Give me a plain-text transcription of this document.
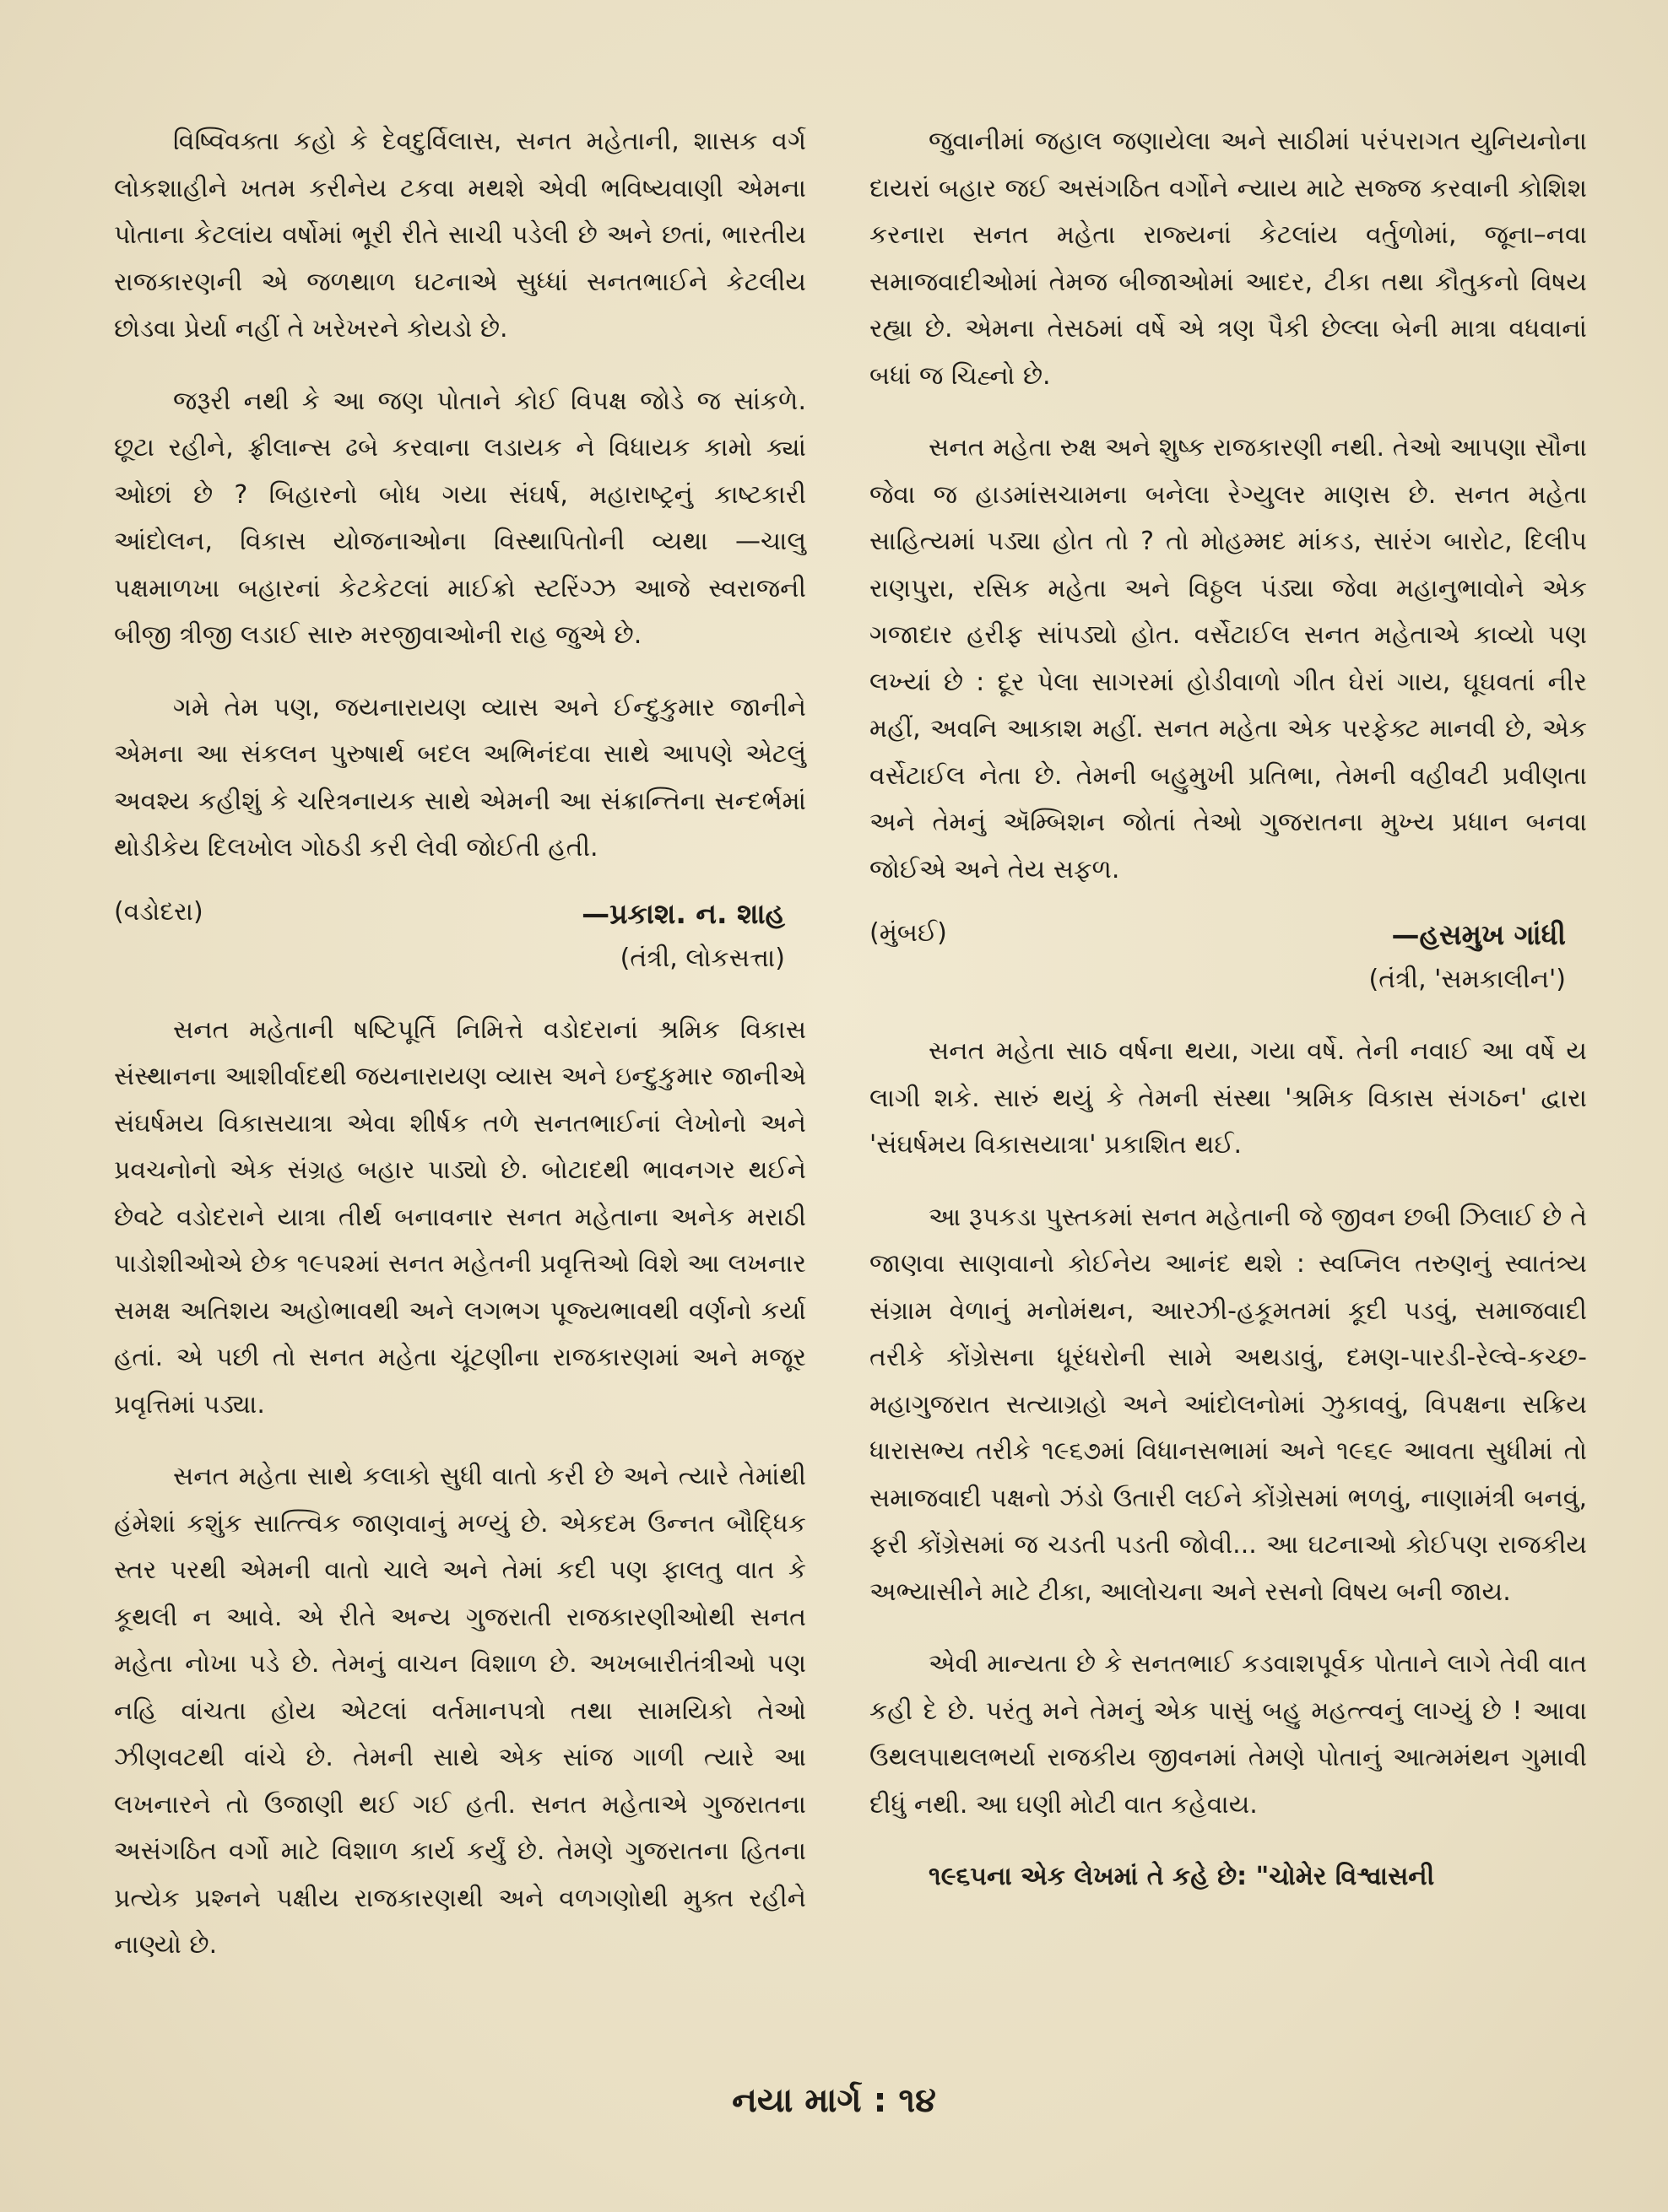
વિષ્વિવક્તા કહો કે દેવદુર્વિલાસ, સનત મહેતાની, શાસક વર્ગ લોકશાહીને ખતમ કરીનેય ટકવા મથશે એવી ભવિષ્યવાણી એમના પોતાના કેટલાંય વર્ષોમાં ભૂરી રીતે સાચી પડેલી છે અને છતાં, ભારતીય રાજકારણની એ જળથાળ ઘટનાએ સુધ્ધાં સનતભાઈને કેટલીય છોડવા પ્રેર્યા નહીં તે ખરેખરને કોયડો છે.

જરૂરી નથી કે આ જણ પોતાને કોઈ વિપક્ષ જોડે જ સાંકળે. છૂટા રહીને, ફ્રીલાન્સ ઢબે કરવાના લડાયક ને વિધાયક કામો ક્યાં ઓછાં છે ? બિહારનો બોધ ગયા સંઘર્ષ, મહારાષ્ટ્રનું કાષ્ટકારી આંદોલન, વિકાસ યોજનાઓના વિસ્થાપિતોની વ્યથા —ચાલુ પક્ષમાળખા બહારનાં કેટકેટલાં માઈક્રો સ્ટરિંગ્ઝ આજે સ્વરાજની બીજી ત્રીજી લડાઈ સારુ મરજીવાઓની રાહ જુએ છે.

ગમે તેમ પણ, જયનારાયણ વ્યાસ અને ઈન્દુકુમાર જાનીને એમના આ સંકલન પુરુષાર્થ બદલ અભિનંદવા સાથે આપણે એટલું અવશ્ય કહીશું કે ચરિત્રનાયક સાથે એમની આ સંક્રાન્તિના સન્દર્ભમાં થોડીકેય દિલખોલ ગોઠડી કરી લેવી જોઈતી હતી.

(વડોદરા)	—પ્રકાશ. ન. શાહ
(તંત્રી, લોકસત્તા)

સનત મહેતાની ષષ્ટિપૂર્તિ નિમિત્તે વડોદરાનાં શ્રમિક વિકાસ સંસ્થાનના આશીર્વાદથી જયનારાયણ વ્યાસ અને ઇન્દુકુમાર જાનીએ સંઘર્ષમય વિકાસયાત્રા એવા શીર્ષક તળે સનતભાઈનાં લેખોનો અને પ્રવચનોનો એક સંગ્રહ બહાર પાડ્યો છે. બોટાદથી ભાવનગર થઈને છેવટે વડોદરાને યાત્રા તીર્થ બનાવનાર સનત મહેતાના અનેક મરાઠી પાડોશીઓએ છેક ૧૯૫૨માં સનત મહેતની પ્રવૃત્તિઓ વિશે આ લખનાર સમક્ષ અતિશય અહોભાવથી અને લગભગ પૂજ્યભાવથી વર્ણનો કર્યા હતાં. એ પછી તો સનત મહેતા ચૂંટણીના રાજકારણમાં અને મજૂર પ્રવૃત્તિમાં પડ્યા.

સનત મહેતા સાથે કલાકો સુધી વાતો કરી છે અને ત્યારે તેમાંથી હંમેશાં કશુંક સાત્ત્વિક જાણવાનું મળ્યું છે. એકદમ ઉન્નત બૌદ્ધિક સ્તર પરથી એમની વાતો ચાલે અને તેમાં કદી પણ ફાલતુ વાત કે કૂથલી ન આવે. એ રીતે અન્ય ગુજરાતી રાજકારણીઓથી સનત મહેતા નોખા પડે છે. તેમનું વાચન વિશાળ છે. અખબારીતંત્રીઓ પણ નહિ વાંચતા હોય એટલાં વર્તમાનપત્રો તથા સામયિકો તેઓ ઝીણવટથી વાંચે છે. તેમની સાથે એક સાંજ ગાળી ત્યારે આ લખનારને તો ઉજાણી થઈ ગઈ હતી. સનત મહેતાએ ગુજરાતના અસંગઠિત વર્ગો માટે વિશાળ કાર્ય કર્યું છે. તેમણે ગુજરાતના હિતના પ્રત્યેક પ્રશ્નને પક્ષીય રાજકારણથી અને વળગણોથી મુક્ત રહીને નાણ્યો છે.

જુવાનીમાં જહાલ જણાયેલા અને સાઠીમાં પરંપરાગત યુનિયનોના દાયરાં બહાર જઈ અસંગઠિત વર્ગોને ન્યાય માટે સજ્જ કરવાની કોશિશ કરનારા સનત મહેતા રાજ્યનાં કેટલાંય વર્તુળોમાં, જૂના–નવા સમાજવાદીઓમાં તેમજ બીજાઓમાં આદર, ટીકા તથા કૌતુકનો વિષય રહ્યા છે. એમના તેસઠમાં વર્ષે એ ત્રણ પૈકી છેલ્લા બેની માત્રા વધવાનાં બધાં જ ચિહ્નો છે.

સનત મહેતા રુક્ષ અને શુષ્ક રાજકારણી નથી. તેઓ આપણા સૌના જેવા જ હાડમાંસચામના બનેલા રેગ્યુલર માણસ છે. સનત મહેતા સાહિત્યમાં પડ્યા હોત તો ? તો મોહમ્મદ માંકડ, સારંગ બારોટ, દિલીપ રાણપુરા, રસિક મહેતા અને વિઠ્ઠલ પંડ્યા જેવા મહાનુભાવોને એક ગજાદાર હરીફ સાંપડ્યો હોત. વર્સેટાઈલ સનત મહેતાએ કાવ્યો પણ લખ્યાં છે : દૂર પેલા સાગરમાં હોડીવાળો ગીત ઘેરાં ગાય, ઘૂઘવતાં નીર મહીં, અવનિ આકાશ મહીં. સનત મહેતા એક પરફેક્ટ માનવી છે, એક વર્સેટાઈલ નેતા છે. તેમની બહુમુખી પ્રતિભા, તેમની વહીવટી પ્રવીણતા અને તેમનું ઍમ્બિશન જોતાં તેઓ ગુજરાતના મુખ્ય પ્રધાન બનવા જોઈએ અને તેય સફળ.

(મુંબઈ)	—હસમુખ ગાંધી
(તંત્રી, 'સમકાલીન')

સનત મહેતા સાઠ વર્ષના થયા, ગયા વર્ષે. તેની નવાઈ આ વર્ષે ય લાગી શકે. સારું થયું કે તેમની સંસ્થા 'શ્રમિક વિકાસ સંગઠન' દ્વારા 'સંઘર્ષમય વિકાસયાત્રા' પ્રકાશિત થઈ.

આ રૂપકડા પુસ્તકમાં સનત મહેતાની જે જીવન છબી ઝિલાઈ છે તે જાણવા સાણવાનો કોઈનેય આનંદ થશે : સ્વપ્નિલ તરુણનું સ્વાતંત્ર્ય સંગ્રામ વેળાનું મનોમંથન, આરઝી-હકૂમતમાં કૂદી પડવું, સમાજવાદી તરીકે કોંગ્રેસના ધૂરંધરોની સામે અથડાવું, દમણ-પારડી-રેલ્વે-કચ્છ-મહાગુજરાત સત્યાગ્રહો અને આંદોલનોમાં ઝુકાવવું, વિપક્ષના સક્રિય ધારાસભ્ય તરીકે ૧૯૬૭માં વિધાનસભામાં અને ૧૯૬૯ આવતા સુધીમાં તો સમાજવાદી પક્ષનો ઝંડો ઉતારી લઈને કોંગ્રેસમાં ભળવું, નાણામંત્રી બનવું, ફરી કોંગ્રેસમાં જ ચડતી પડતી જોવી... આ ઘટનાઓ કોઈપણ રાજકીય અભ્યાસીને માટે ટીકા, આલોચના અને રસનો વિષય બની જાય.

એવી માન્યતા છે કે સનતભાઈ કડવાશપૂર્વક પોતાને લાગે તેવી વાત કહી દે છે. પરંતુ મને તેમનું એક પાસું બહુ મહત્ત્વનું લાગ્યું છે ! આવા ઉથલપાથલભર્યા રાજકીય જીવનમાં તેમણે પોતાનું આત્મમંથન ગુમાવી દીધું નથી. આ ઘણી મોટી વાત કહેવાય.

૧૯૬૫ના એક લેખમાં તે કહે છે: "ચોમેર વિશ્વાસની

નયા માર્ગ : ૧૪
